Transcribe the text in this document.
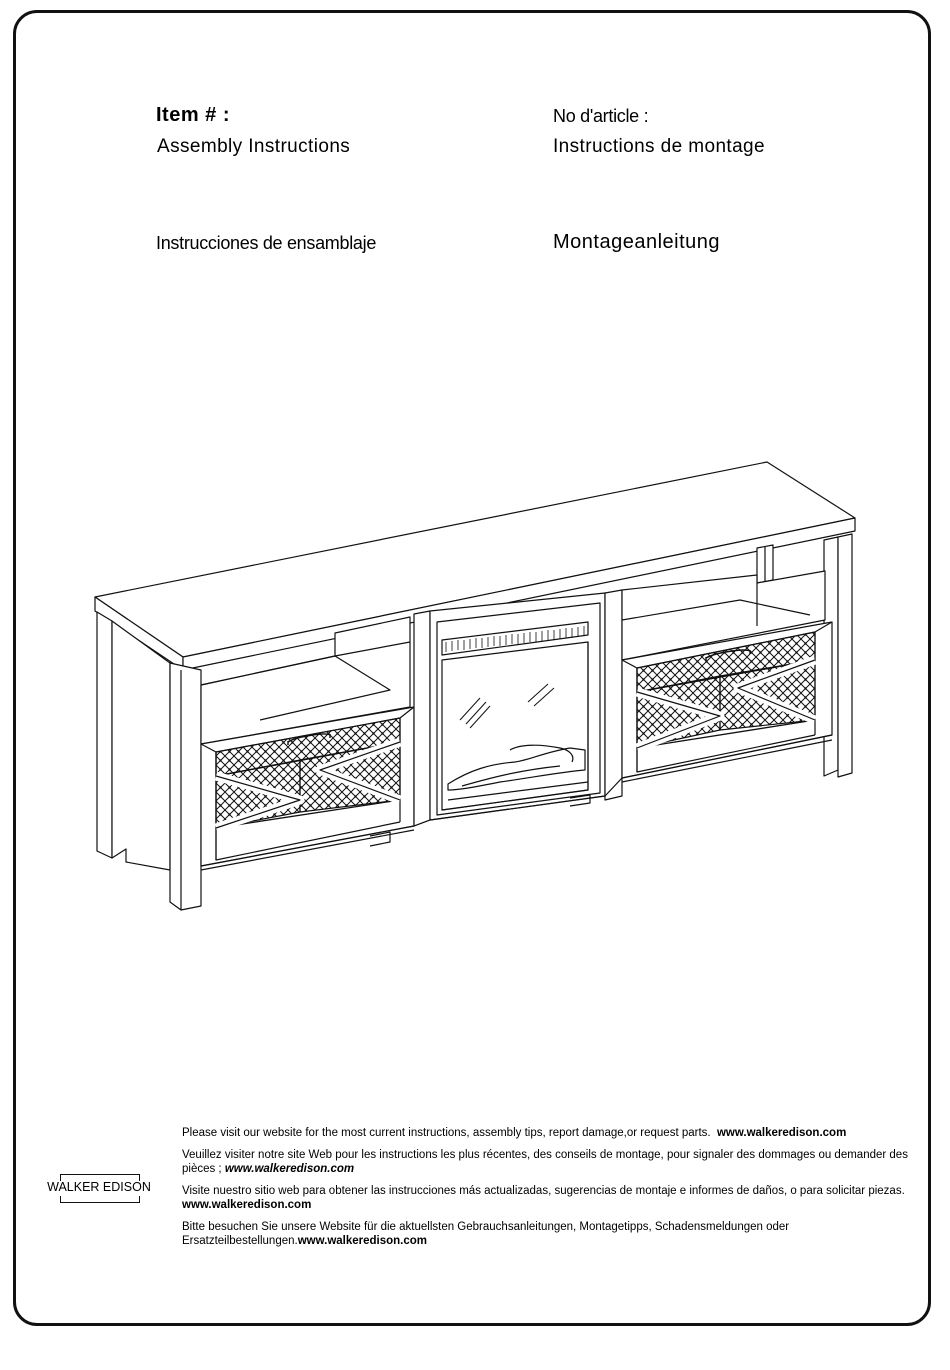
Item # :
Assembly Instructions
No d'article :
Instructions de montage
Instrucciones de ensamblaje	Montageanleitung
WALKER EDISON

Please visit our website for the most current instructions, assembly tips, report damage,or request parts. www.walkeredison.com

Veuillez visiter notre site Web pour les instructions les plus récentes, des conseils de montage, pour signaler des dommages ou demander des pièces ; www.walkeredison.com

Visite nuestro sitio web para obtener las instrucciones más actualizadas, sugerencias de montaje e informes de daños, o para solicitar piezas. www.walkeredison.com

Bitte besuchen Sie unsere Website für die aktuellsten Gebrauchsanleitungen, Montagetipps, Schadensmeldungen oder Ersatzteilbestellungen.www.walkeredison.com
